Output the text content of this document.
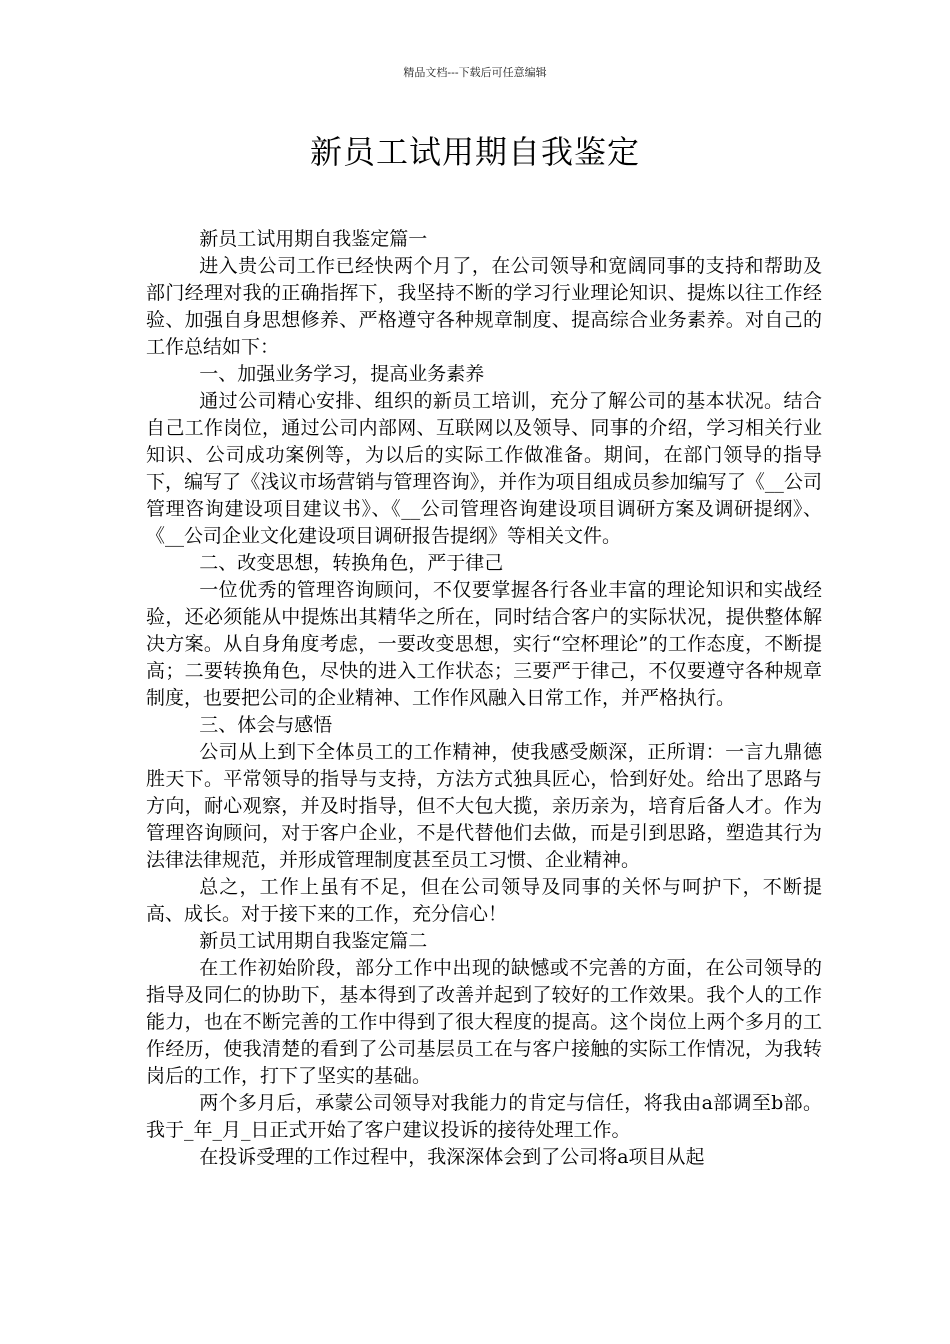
精品文档---下载后可任意编辑
新员工试用期自我鉴定

新员工试用期自我鉴定篇一

进入贵公司工作已经快两个月了，在公司领导和宽阔同事的支持和帮助及部门经理对我的正确指挥下，我坚持不断的学习行业理论知识、提炼以往工作经验、加强自身思想修养、严格遵守各种规章制度、提高综合业务素养。对自己的工作总结如下：

一、加强业务学习，提高业务素养

通过公司精心安排、组织的新员工培训，充分了解公司的基本状况。结合自己工作岗位，通过公司内部网、互联网以及领导、同事的介绍，学习相关行业知识、公司成功案例等，为以后的实际工作做准备。期间，在部门领导的指导下，编写了《浅议市场营销与管理咨询》，并作为项目组成员参加编写了《__公司管理咨询建设项目建议书》、《__公司管理咨询建设项目调研方案及调研提纲》、《__公司企业文化建设项目调研报告提纲》等相关文件。

二、改变思想，转换角色，严于律己

一位优秀的管理咨询顾问，不仅要掌握各行各业丰富的理论知识和实战经验，还必须能从中提炼出其精华之所在，同时结合客户的实际状况，提供整体解决方案。从自身角度考虑，一要改变思想，实行“空杯理论”的工作态度，不断提高；二要转换角色，尽快的进入工作状态；三要严于律己，不仅要遵守各种规章制度，也要把公司的企业精神、工作作风融入日常工作，并严格执行。

三、体会与感悟

公司从上到下全体员工的工作精神，使我感受颇深，正所谓：一言九鼎德胜天下。平常领导的指导与支持，方法方式独具匠心，恰到好处。给出了思路与方向，耐心观察，并及时指导，但不大包大揽，亲历亲为，培育后备人才。作为管理咨询顾问，对于客户企业，不是代替他们去做，而是引到思路，塑造其行为法律法律规范，并形成管理制度甚至员工习惯、企业精神。

总之，工作上虽有不足，但在公司领导及同事的关怀与呵护下，不断提高、成长。对于接下来的工作，充分信心！

新员工试用期自我鉴定篇二

在工作初始阶段，部分工作中出现的缺憾或不完善的方面，在公司领导的指导及同仁的协助下，基本得到了改善并起到了较好的工作效果。我个人的工作能力，也在不断完善的工作中得到了很大程度的提高。这个岗位上两个多月的工作经历，使我清楚的看到了公司基层员工在与客户接触的实际工作情况，为我转岗后的工作，打下了坚实的基础。

两个多月后，承蒙公司领导对我能力的肯定与信任，将我由a部调至b部。我于_年_月_日正式开始了客户建议投诉的接待处理工作。

在投诉受理的工作过程中，我深深体会到了公司将a项目从起
